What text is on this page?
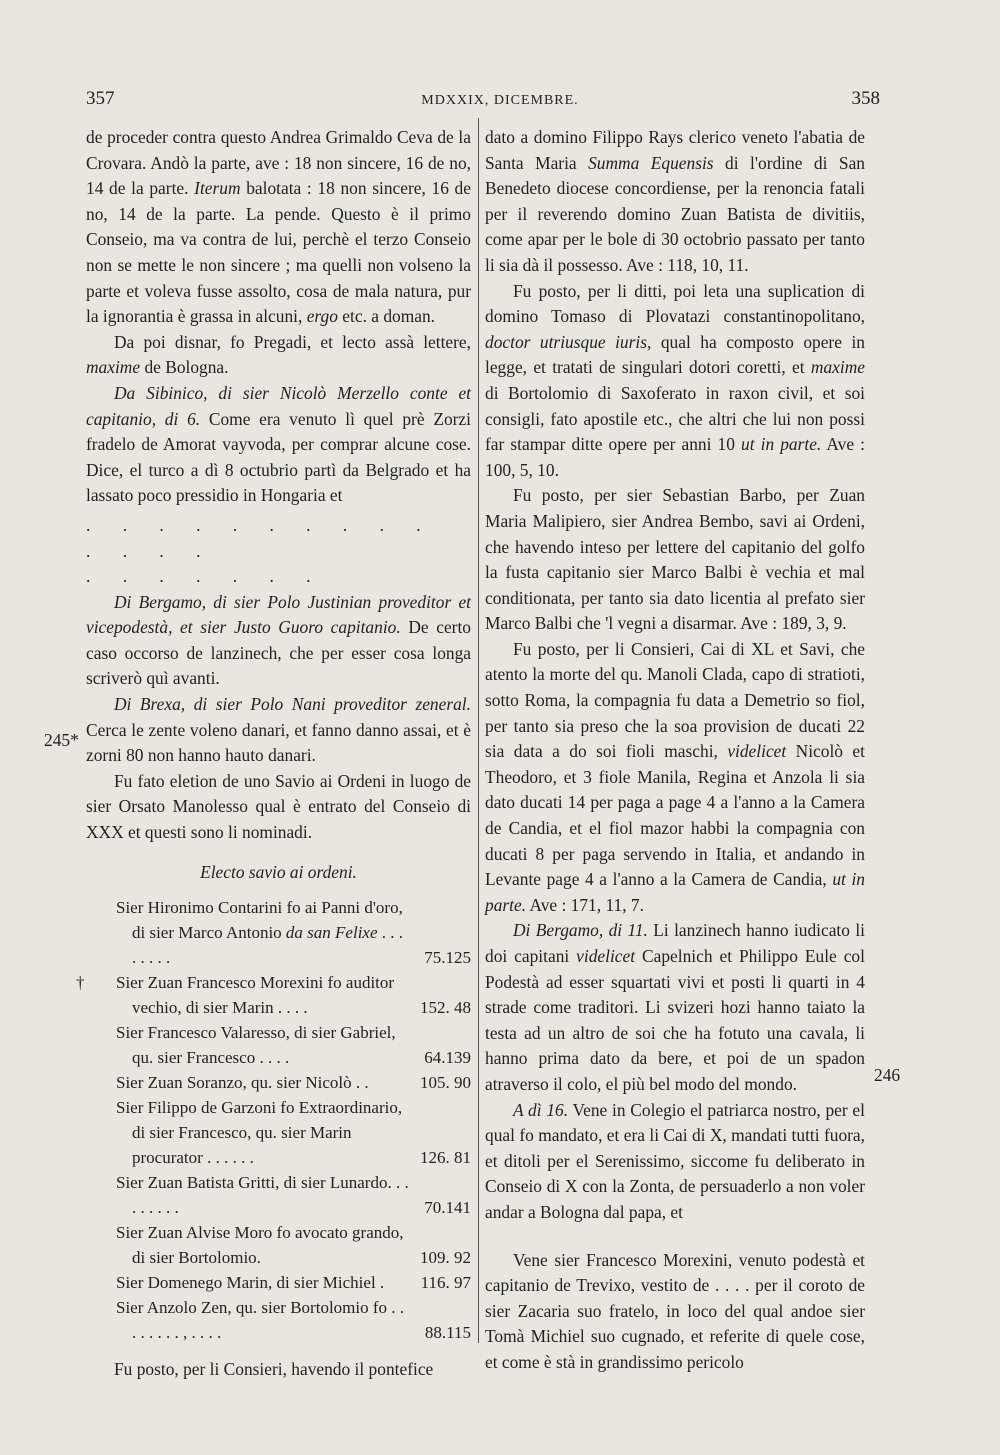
357	MDXXIX, DICEMBRE.	358
245*
246

de proceder contra questo Andrea Grimaldo Ceva de la Crovara. Andò la parte, ave : 18 non sincere, 16 de no, 14 de la parte. Iterum balotata : 18 non sincere, 16 de no, 14 de la parte. La pende. Questo è il primo Conseio, ma va contra de lui, perchè el terzo Conseio non se mette le non sincere ; ma quelli non volseno la parte et voleva fusse assolto, cosa de mala natura, pur la ignorantia è grassa in alcuni, ergo etc. a doman.

Da poi disnar, fo Pregadi, et lecto assà lettere, maxime de Bologna.

Da Sibinico, di sier Nicolò Merzello conte et capitanio, di 6. Come era venuto lì quel prè Zorzi fradelo de Amorat vayvoda, per comprar alcune cose. Dice, el turco a dì 8 octubrio partì da Belgrado et ha lassato poco pressidio in Hongaria et

. . . . . . . . . . . . . .

. . . . . . .

Di Bergamo, di sier Polo Justinian proveditor et vicepodestà, et sier Justo Guoro capitanio. De certo caso occorso de lanzinech, che per esser cosa longa scriverò quì avanti.

Di Brexa, di sier Polo Nani proveditor zeneral. Cerca le zente voleno danari, et fanno danno assai, et è zorni 80 non hanno hauto danari.

Fu fato eletion de uno Savio ai Ordeni in luogo de sier Orsato Manolesso qual è entrato del Conseio di XXX et questi sono li nominadi.

Electo savio ai ordeni.

Sier Hironimo Contarini fo ai Panni d'oro, di sier Marco Antonio da san Felixe . . . . . . . .	75.125
†	Sier Zuan Francesco Morexini fo auditor vechio, di sier Marin . . . .	152. 48
Sier Francesco Valaresso, di sier Gabriel, qu. sier Francesco . . . .	64.139
Sier Zuan Soranzo, qu. sier Nicolò . .	105. 90
Sier Filippo de Garzoni fo Extraordinario, di sier Francesco, qu. sier Marin procurator . . . . . .	126. 81
Sier Zuan Batista Gritti, di sier Lunardo. . . . . . . . .	70.141
Sier Zuan Alvise Moro fo avocato grando, di sier Bortolomio.	109. 92
Sier Domenego Marin, di sier Michiel .	116. 97
Sier Anzolo Zen, qu. sier Bortolomio fo . . . . . . . . , . . . .	88.115

Fu posto, per li Consieri, havendo il pontefice

dato a domino Filippo Rays clerico veneto l'abatia de Santa Maria Summa Equensis di l'ordine di San Benedeto diocese concordiense, per la renoncia fatali per il reverendo domino Zuan Batista de divitiis, come apar per le bole di 30 octobrio passato per tanto li sia dà il possesso. Ave : 118, 10, 11.

Fu posto, per li ditti, poi leta una suplication di domino Tomaso di Plovatazi constantinopolitano, doctor utriusque iuris, qual ha composto opere in legge, et tratati de singulari dotori coretti, et maxime di Bortolomio di Saxoferato in raxon civil, et soi consigli, fato apostile etc., che altri che lui non possi far stampar ditte opere per anni 10 ut in parte. Ave : 100, 5, 10.

Fu posto, per sier Sebastian Barbo, per Zuan Maria Malipiero, sier Andrea Bembo, savi ai Ordeni, che havendo inteso per lettere del capitanio del golfo la fusta capitanio sier Marco Balbi è vechia et mal conditionata, per tanto sia dato licentia al prefato sier Marco Balbi che 'l vegni a disarmar. Ave : 189, 3, 9.

Fu posto, per li Consieri, Cai di XL et Savi, che atento la morte del qu. Manoli Clada, capo di stratioti, sotto Roma, la compagnia fu data a Demetrio so fiol, per tanto sia preso che la soa provision de ducati 22 sia data a do soi fioli maschi, videlicet Nicolò et Theodoro, et 3 fiole Manila, Regina et Anzola li sia dato ducati 14 per paga a page 4 a l'anno a la Camera de Candia, et el fiol mazor habbi la compagnia con ducati 8 per paga servendo in Italia, et andando in Levante page 4 a l'anno a la Camera de Candia, ut in parte. Ave : 171, 11, 7.

Di Bergamo, di 11. Li lanzinech hanno iudicato li doi capitani videlicet Capelnich et Philippo Eule col Podestà ad esser squartati vivi et posti li quarti in 4 strade come traditori. Li svizeri hozi hanno taiato la testa ad un altro de soi che ha fotuto una cavala, li hanno prima dato da bere, et poi de un spadon atraverso il colo, el più bel modo del mondo.

A dì 16. Vene in Colegio el patriarca nostro, per el qual fo mandato, et era li Cai di X, mandati tutti fuora, et ditoli per el Serenissimo, siccome fu deliberato in Conseio di X con la Zonta, de persuaderlo a non voler andar a Bologna dal papa, et

Vene sier Francesco Morexini, venuto podestà et capitanio de Trevixo, vestito de . . . . per il coroto de sier Zacaria suo fratelo, in loco del qual andoe sier Tomà Michiel suo cugnado, et referite di quele cose, et come è stà in grandissimo pericolo
